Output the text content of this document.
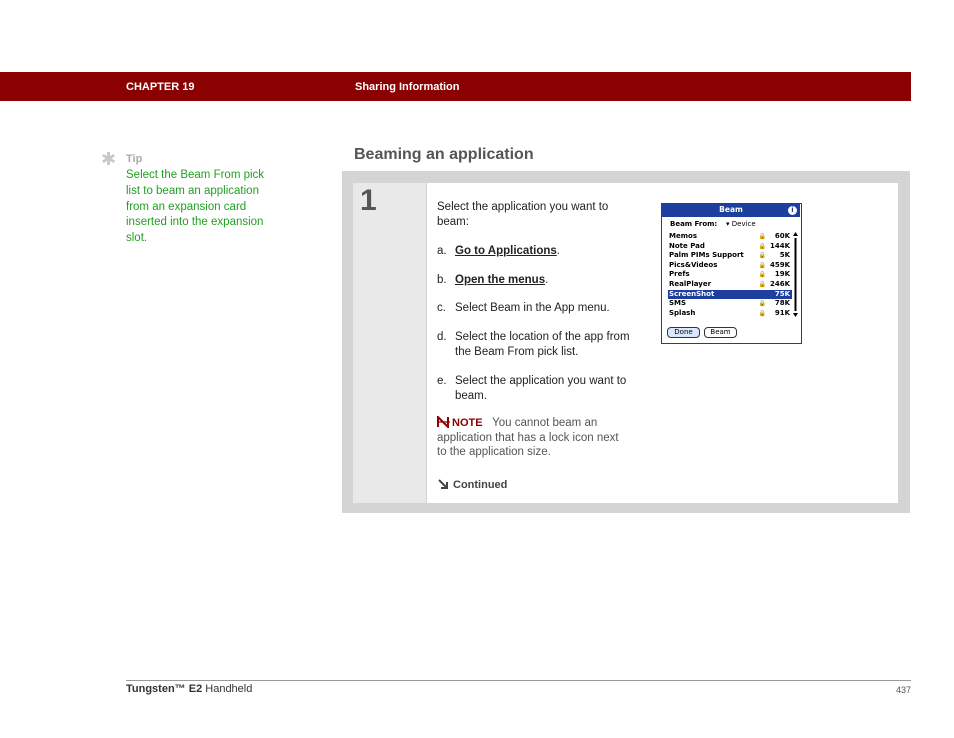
CHAPTER 19	Sharing Information
✱ Tip
Select the Beam From pick list to beam an application from an expansion card inserted into the expansion slot.
Beaming an application
1	Select the application you want to beam:
a. Go to Applications.
b. Open the menus.
c. Select Beam in the App menu.
d. Select the location of the app from the Beam From pick list.
e. Select the application you want to beam.
NOTE You cannot beam an application that has a lock icon next to the application size.
Continued
Beam	i
Beam From: ▾ Device
Memos	🔒 60K
Note Pad	🔒 144K
Palm PIMs Support 🔒 5K
Pics&Videos	🔒 459K
Prefs	🔒 19K
RealPlayer	🔒 246K
ScreenShot	75K
SMS	🔒 78K
Splash	🔒 91K
Done	Beam
Tungsten™ E2 Handheld	437
